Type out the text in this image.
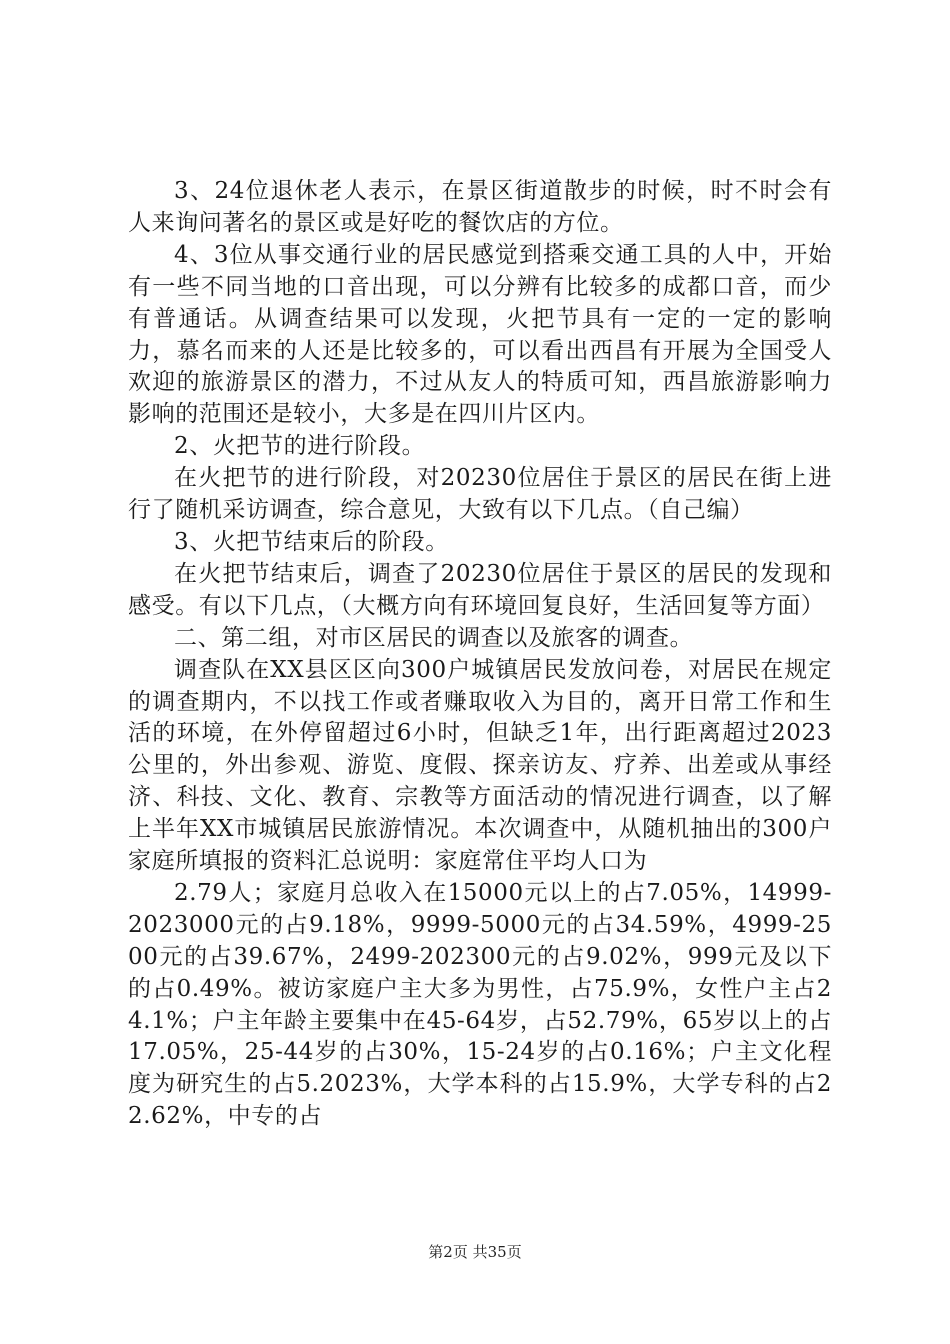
3、24位退休老人表示，在景区街道散步的时候，时不时会有人来询问著名的景区或是好吃的餐饮店的方位。

4、3位从事交通行业的居民感觉到搭乘交通工具的人中，开始有一些不同当地的口音出现，可以分辨有比较多的成都口音，而少有普通话。从调查结果可以发现，火把节具有一定的一定的影响力，慕名而来的人还是比较多的，可以看出西昌有开展为全国受人欢迎的旅游景区的潜力，不过从友人的特质可知，西昌旅游影响力影响的范围还是较小，大多是在四川片区内。

2、火把节的进行阶段。

在火把节的进行阶段，对20230位居住于景区的居民在街上进行了随机采访调查，综合意见，大致有以下几点。（自己编）

3、火把节结束后的阶段。

在火把节结束后，调查了20230位居住于景区的居民的发现和感受。有以下几点，（大概方向有环境回复良好，生活回复等方面）

二、第二组，对市区居民的调查以及旅客的调查。

调查队在XX县区区向300户城镇居民发放问卷，对居民在规定的调查期内，不以找工作或者赚取收入为目的，离开日常工作和生活的环境，在外停留超过6小时，但缺乏1年，出行距离超过2023公里的，外出参观、游览、度假、探亲访友、疗养、出差或从事经济、科技、文化、教育、宗教等方面活动的情况进行调查，以了解上半年XX市城镇居民旅游情况。本次调查中，从随机抽出的300户家庭所填报的资料汇总说明：家庭常住平均人口为

2.79人；家庭月总收入在15000元以上的占7.05%，14999-2023000元的占9.18%，9999-5000元的占34.59%，4999-2500元的占39.67%，2499-202300元的占9.02%，999元及以下的占0.49%。被访家庭户主大多为男性，占75.9%，女性户主占24.1%；户主年龄主要集中在45-64岁，占52.79%，65岁以上的占17.05%，25-44岁的占30%，15-24岁的占0.16%；户主文化程度为研究生的占5.2023%，大学本科的占15.9%，大学专科的占22.62%，中专的占

第2页 共35页
